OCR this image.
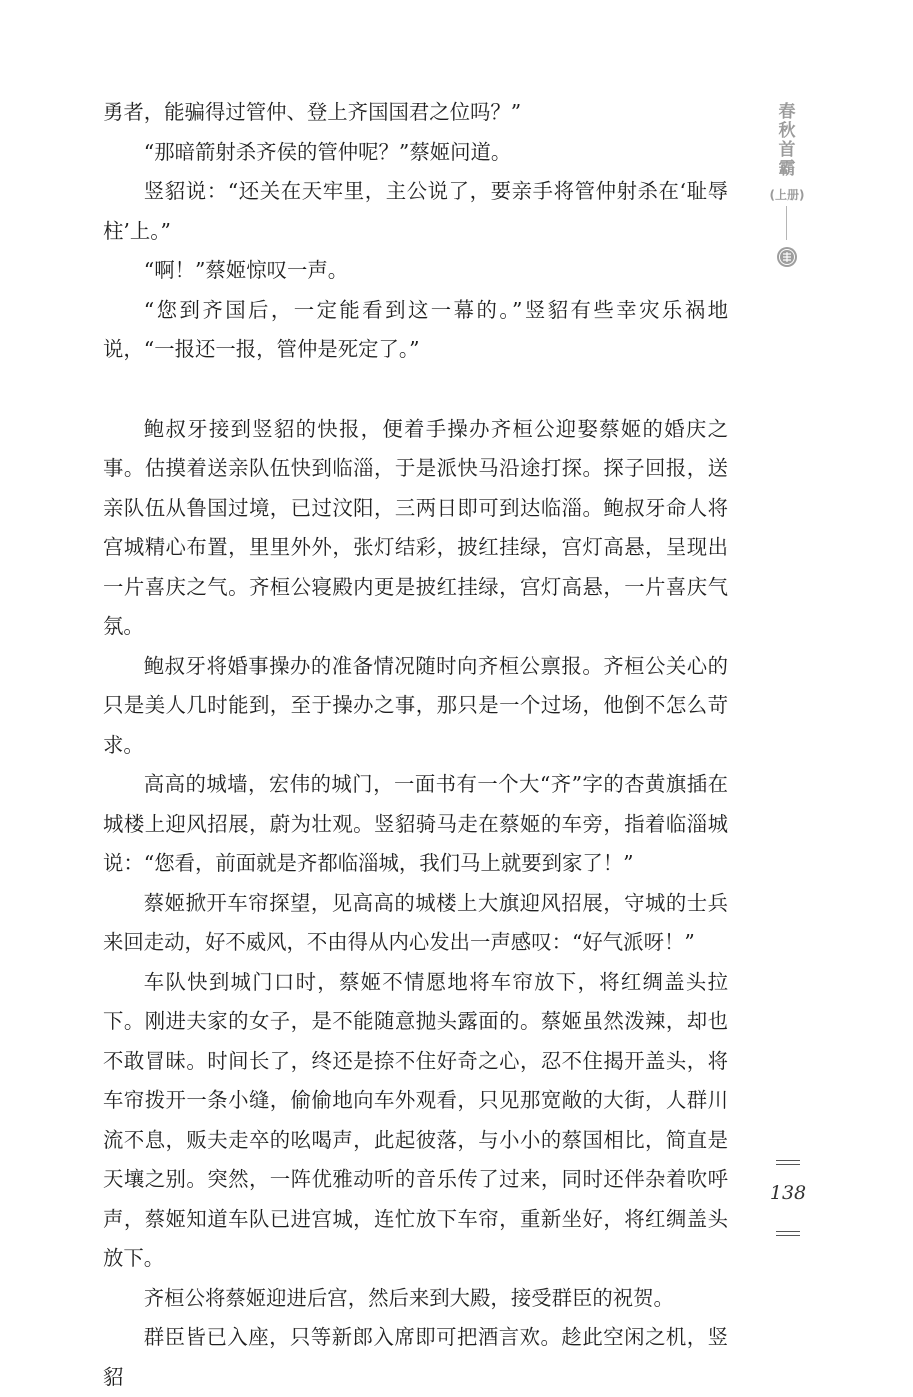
勇者，能骗得过管仲、登上齐国国君之位吗？”

“那暗箭射杀齐侯的管仲呢？”蔡姬问道。

竖貂说：“还关在天牢里，主公说了，要亲手将管仲射杀在‘耻辱柱’上。”

“啊！”蔡姬惊叹一声。

“您到齐国后，一定能看到这一幕的。”竖貂有些幸灾乐祸地说，“一报还一报，管仲是死定了。”

鲍叔牙接到竖貂的快报，便着手操办齐桓公迎娶蔡姬的婚庆之事。估摸着送亲队伍快到临淄，于是派快马沿途打探。探子回报，送亲队伍从鲁国过境，已过汶阳，三两日即可到达临淄。鲍叔牙命人将宫城精心布置，里里外外，张灯结彩，披红挂绿，宫灯高悬，呈现出一片喜庆之气。齐桓公寝殿内更是披红挂绿，宫灯高悬，一片喜庆气氛。

鲍叔牙将婚事操办的准备情况随时向齐桓公禀报。齐桓公关心的只是美人几时能到，至于操办之事，那只是一个过场，他倒不怎么苛求。

高高的城墙，宏伟的城门，一面书有一个大“齐”字的杏黄旗插在城楼上迎风招展，蔚为壮观。竖貂骑马走在蔡姬的车旁，指着临淄城说：“您看，前面就是齐都临淄城，我们马上就要到家了！”

蔡姬掀开车帘探望，见高高的城楼上大旗迎风招展，守城的士兵来回走动，好不威风，不由得从内心发出一声感叹：“好气派呀！”

车队快到城门口时，蔡姬不情愿地将车帘放下，将红绸盖头拉下。刚进夫家的女子，是不能随意抛头露面的。蔡姬虽然泼辣，却也不敢冒昧。时间长了，终还是捺不住好奇之心，忍不住揭开盖头，将车帘拨开一条小缝，偷偷地向车外观看，只见那宽敞的大街，人群川流不息，贩夫走卒的吆喝声，此起彼落，与小小的蔡国相比，简直是天壤之别。突然，一阵优雅动听的音乐传了过来，同时还伴杂着吹呼声，蔡姬知道车队已进宫城，连忙放下车帘，重新坐好，将红绸盖头放下。

齐桓公将蔡姬迎进后宫，然后来到大殿，接受群臣的祝贺。

群臣皆已入座，只等新郎入席即可把酒言欢。趁此空闲之机，竖貂

春
秋
首
霸
(上册)
138
